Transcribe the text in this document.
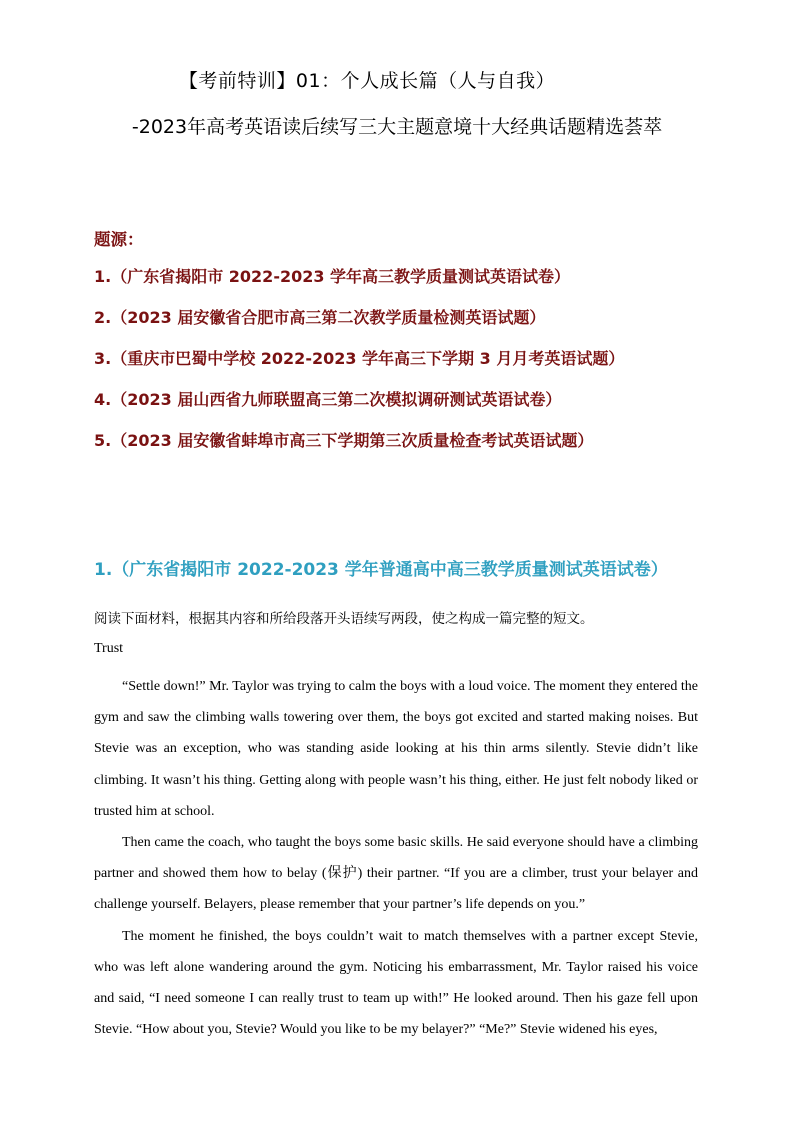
【考前特训】01：个人成长篇（人与自我）
-2023年高考英语读后续写三大主题意境十大经典话题精选荟萃
题源：
1.（广东省揭阳市 2022-2023 学年高三教学质量测试英语试卷）
2.（2023 届安徽省合肥市高三第二次教学质量检测英语试题）
3.（重庆市巴蜀中学校 2022-2023 学年高三下学期 3 月月考英语试题）
4.（2023 届山西省九师联盟高三第二次模拟调研测试英语试卷）
5.（2023 届安徽省蚌埠市高三下学期第三次质量检查考试英语试题）
1.（广东省揭阳市 2022-2023 学年普通高中高三教学质量测试英语试卷）
阅读下面材料，根据其内容和所给段落开头语续写两段，使之构成一篇完整的短文。
Trust

“Settle down!” Mr. Taylor was trying to calm the boys with a loud voice. The moment they entered the gym and saw the climbing walls towering over them, the boys got excited and started making noises. But Stevie was an exception, who was standing aside looking at his thin arms silently. Stevie didn’t like climbing. It wasn’t his thing. Getting along with people wasn’t his thing, either. He just felt nobody liked or trusted him at school.

Then came the coach, who taught the boys some basic skills. He said everyone should have a climbing partner and showed them how to belay (保护) their partner. “If you are a climber, trust your belayer and challenge yourself. Belayers, please remember that your partner’s life depends on you.”

The moment he finished, the boys couldn’t wait to match themselves with a partner except Stevie, who was left alone wandering around the gym. Noticing his embarrassment, Mr. Taylor raised his voice and said, “I need someone I can really trust to team up with!” He looked around. Then his gaze fell upon Stevie. “How about you, Stevie? Would you like to be my belayer?” “Me?” Stevie widened his eyes,
